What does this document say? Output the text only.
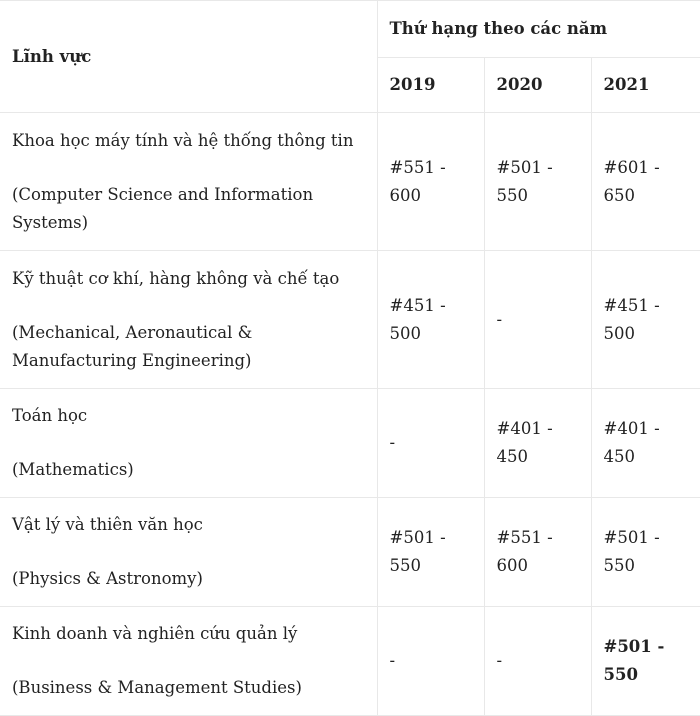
Lĩnh vực	Thứ hạng theo các năm		
	2019	2020	2021

Khoa học máy tính và hệ thống thông tin
(Computer Science and Information Systems)	#551 - 600	#501 - 550	#601 - 650

Kỹ thuật cơ khí, hàng không và chế tạo
(Mechanical, Aeronautical & Manufacturing Engineering)	#451 - 500	-	#451 - 500

Toán học
(Mathematics)	-	#401 - 450	#401 - 450

Vật lý và thiên văn học
(Physics & Astronomy)	#501 - 550	#551 - 600	#501 - 550

Kinh doanh và nghiên cứu quản lý
(Business & Management Studies)	-	-	#501 - 550
